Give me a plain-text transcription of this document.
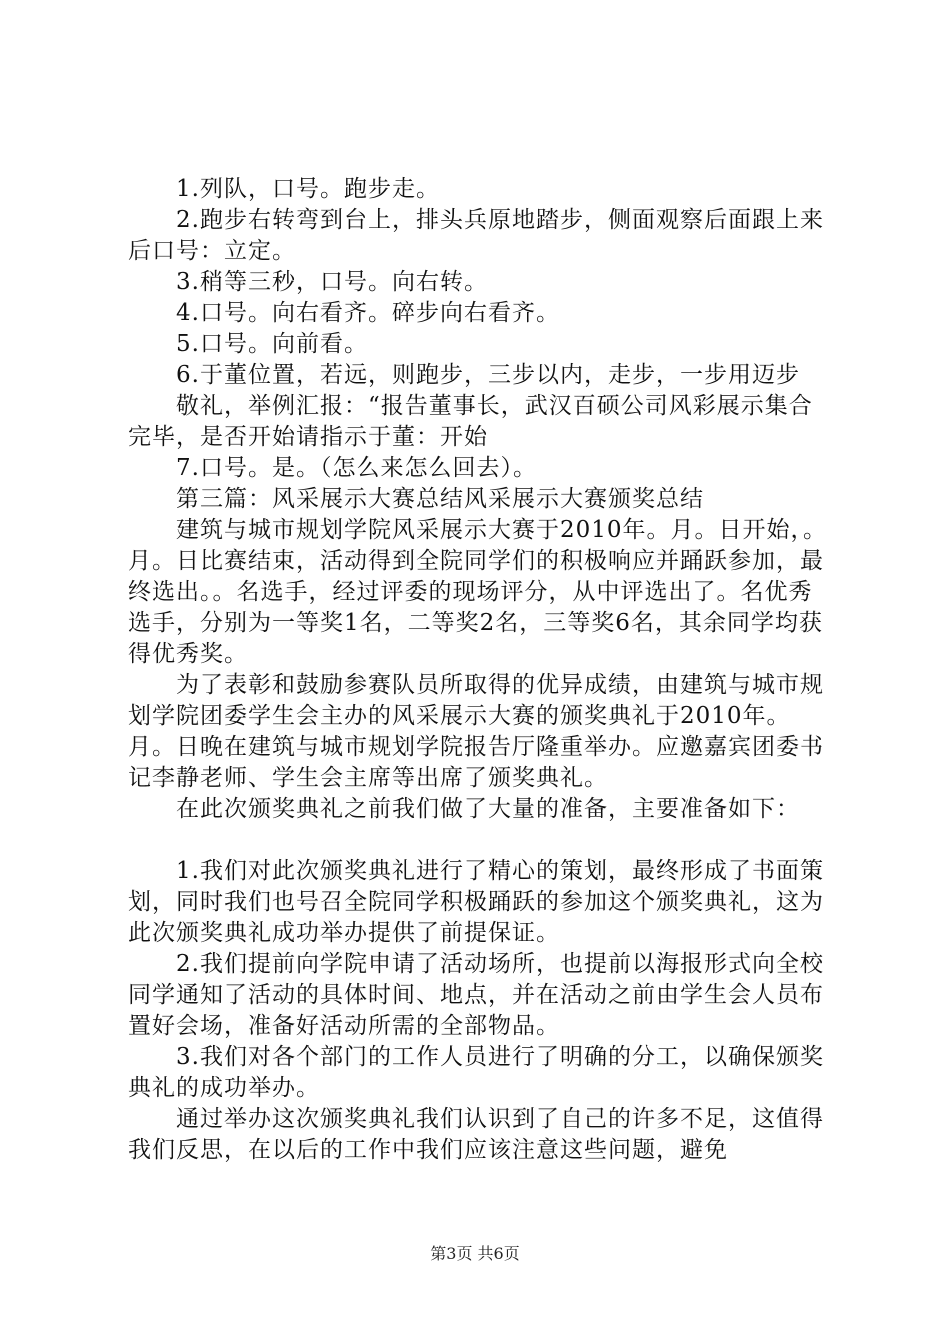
1.列队，口号。跑步走。

2.跑步右转弯到台上，排头兵原地踏步，侧面观察后面跟上来后口号：立定。

3.稍等三秒，口号。向右转。

4.口号。向右看齐。碎步向右看齐。

5.口号。向前看。

6.于董位置，若远，则跑步，三步以内，走步，一步用迈步

敬礼，举例汇报：“报告董事长，武汉百硕公司风彩展示集合完毕，是否开始请指示于董：开始

7.口号。是。（怎么来怎么回去）。

第三篇：风采展示大赛总结风采展示大赛颁奖总结

建筑与城市规划学院风采展示大赛于2010年。月。日开始，。月。日比赛结束，活动得到全院同学们的积极响应并踊跃参加，最终选出。。名选手，经过评委的现场评分，从中评选出了。名优秀选手，分别为一等奖1名，二等奖2名，三等奖6名，其余同学均获得优秀奖。

为了表彰和鼓励参赛队员所取得的优异成绩，由建筑与城市规划学院团委学生会主办的风采展示大赛的颁奖典礼于2010年。月。日晚在建筑与城市规划学院报告厅隆重举办。应邀嘉宾团委书记李静老师、学生会主席等出席了颁奖典礼。

在此次颁奖典礼之前我们做了大量的准备，主要准备如下：

1.我们对此次颁奖典礼进行了精心的策划，最终形成了书面策划，同时我们也号召全院同学积极踊跃的参加这个颁奖典礼，这为此次颁奖典礼成功举办提供了前提保证。

2.我们提前向学院申请了活动场所，也提前以海报形式向全校同学通知了活动的具体时间、地点，并在活动之前由学生会人员布置好会场，准备好活动所需的全部物品。

3.我们对各个部门的工作人员进行了明确的分工，以确保颁奖典礼的成功举办。

通过举办这次颁奖典礼我们认识到了自己的许多不足，这值得我们反思，在以后的工作中我们应该注意这些问题，避免

第3页 共6页
